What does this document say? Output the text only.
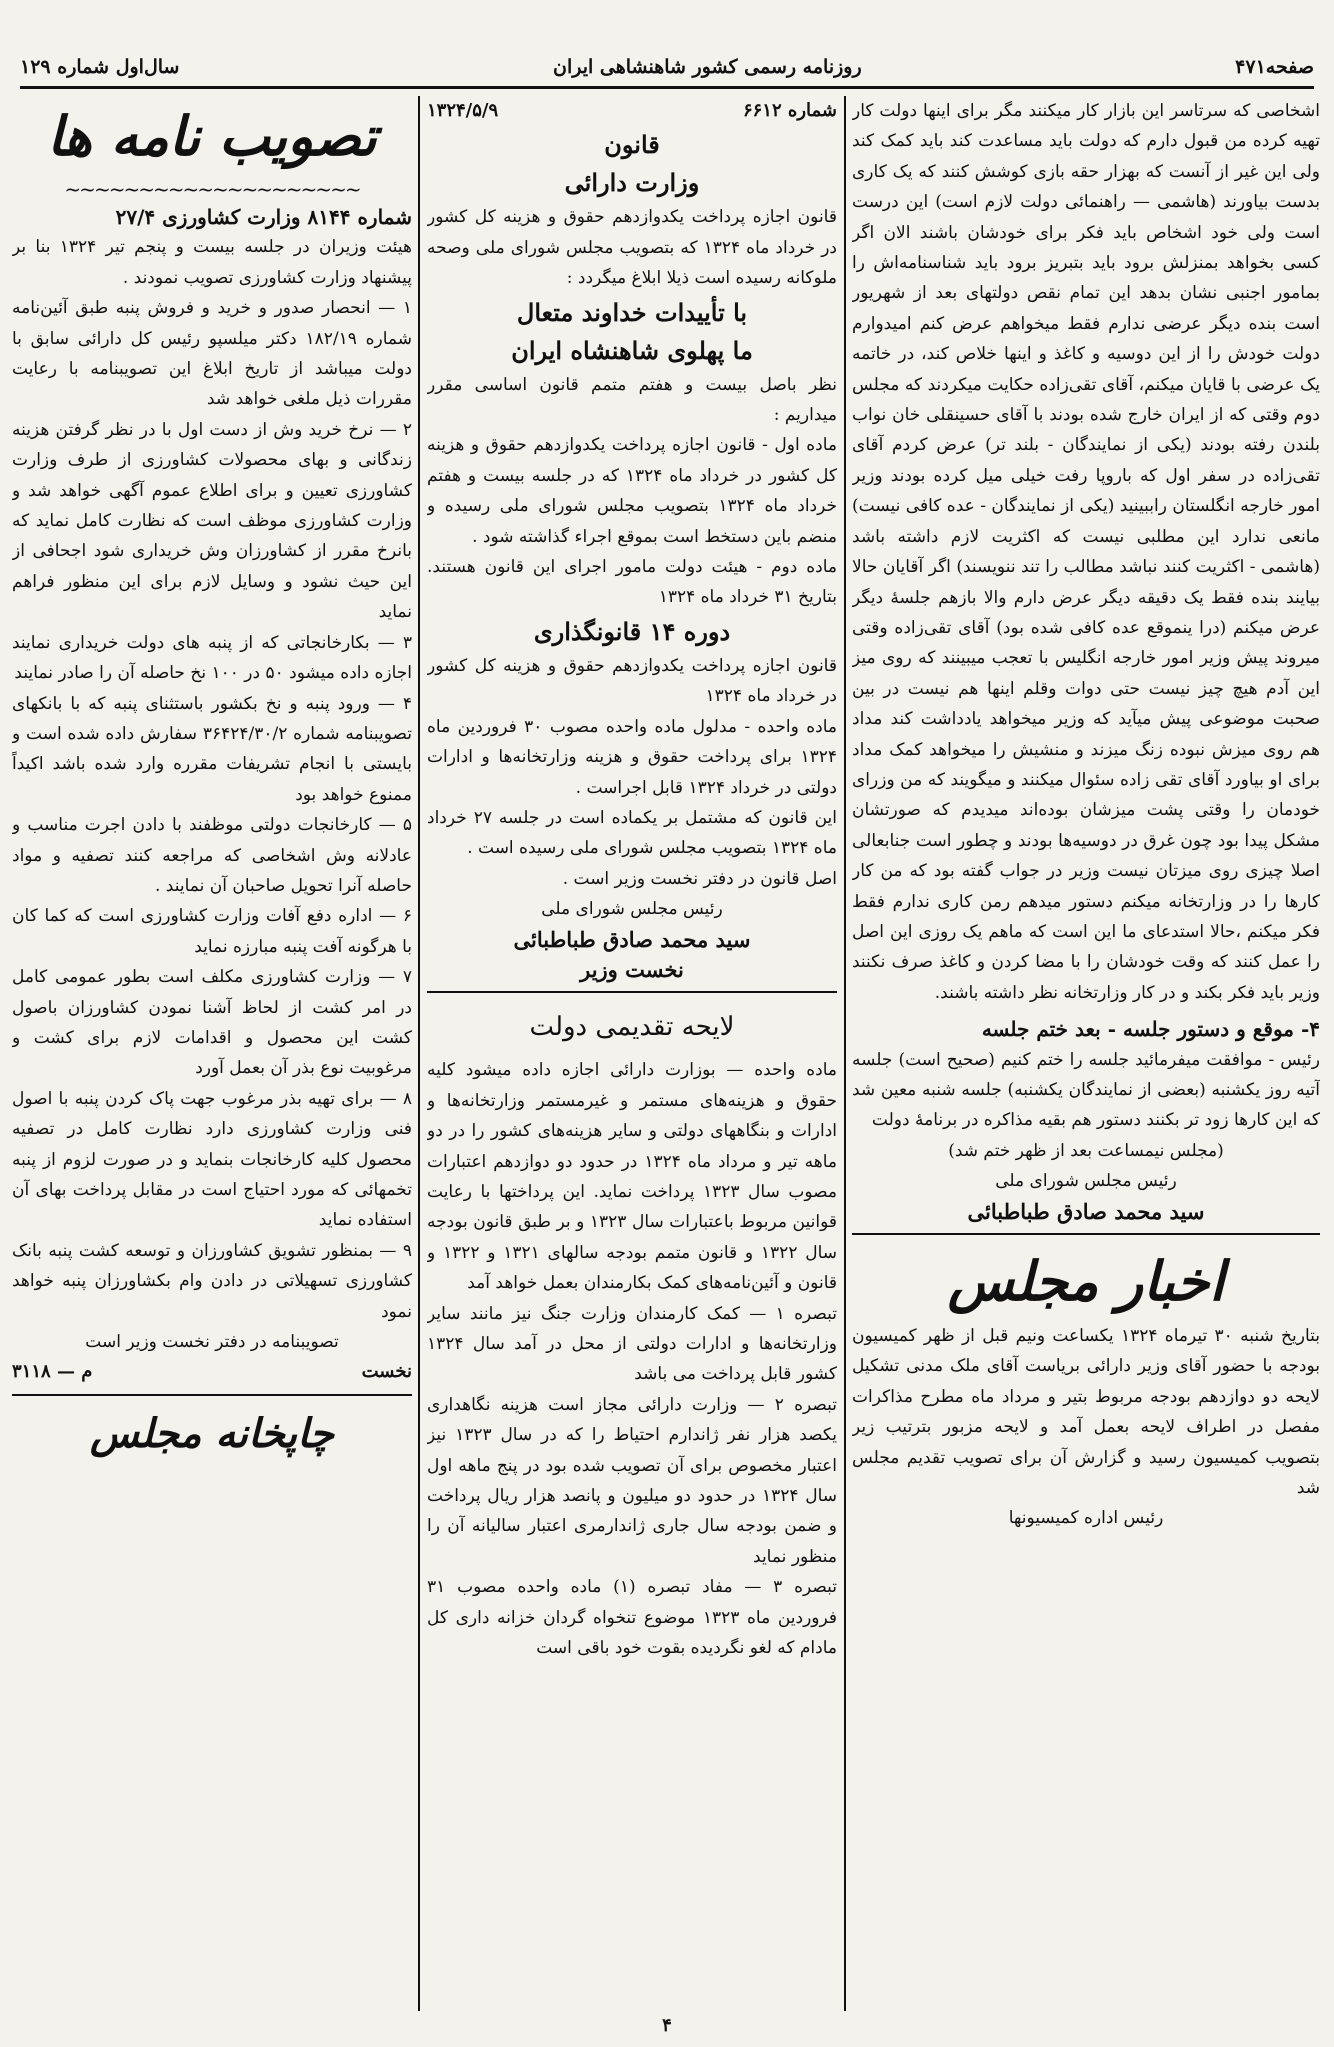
صفحه۴۷۱
روزنامه رسمی کشور شاهنشاهی ایران
سال‌اول شماره ۱۲۹

اشخاصی که سرتاسر این بازار کار میکنند مگر برای اینها دولت کار تهیه کرده من قبول دارم که دولت باید مساعدت کند باید کمک کند ولی این غیر از آنست که بهزار حقه بازی کوشش کنند که یک کاری بدست بیاورند (هاشمی — راهنمائی دولت لازم است) این درست است ولی خود اشخاص باید فکر برای خودشان باشند الان اگر کسی بخواهد بمنزلش برود باید بتبریز برود باید شناسنامه‌اش را بمامور اجنبی نشان بدهد این تمام نقص دولتهای بعد از شهریور است بنده دیگر عرضی ندارم فقط میخواهم عرض کنم امیدوارم دولت خودش را از این دوسیه و کاغذ و اینها خلاص کند، در خاتمه یک عرضی با قایان میکنم، آقای تقی‌زاده حکایت میکردند که مجلس دوم وقتی که از ایران خارج شده بودند با آقای حسینقلی خان نواب بلندن رفته بودند (یکی از نمایندگان - بلند تر) عرض کردم آقای تقی‌زاده در سفر اول که باروپا رفت خیلی میل کرده بودند وزیر امور خارجه انگلستان راببینید (یکی از نمایندگان - عده کافی نیست) مانعی ندارد این مطلبی نیست که اکثریت لازم داشته باشد (هاشمی - اکثریت کنند نباشد مطالب را تند ننویسند) اگر آقایان حالا بیایند بنده فقط یک دقیقه دیگر عرض دارم والا بازهم جلسهٔ دیگر عرض میکنم (درا ینموقع عده کافی شده بود) آقای تقی‌زاده وقتی میروند پیش وزیر امور خارجه انگلیس با تعجب میبینند که روی میز این آدم هیچ چیز نیست حتی دوات وقلم اینها هم نیست در بین صحبت موضوعی پیش میآید که وزیر میخواهد یادداشت کند مداد هم روی میزش نبوده زنگ میزند و منشیش را میخواهد کمک مداد برای او بیاورد آقای تقی زاده سئوال میکنند و میگویند که من وزرای خودمان را وقتی پشت میزشان بوده‌اند میدیدم که صورتشان مشکل پیدا بود چون غرق در دوسیه‌ها بودند و چطور است جنابعالی اصلا چیزی روی میزتان نیست وزیر در جواب گفته بود که من کار کارها را در وزارتخانه میکنم دستور میدهم رمن کاری ندارم فقط فکر میکنم ،حالا استدعای ما این است که ماهم یک روزی این اصل را عمل کنند که وقت خودشان را با مضا کردن و کاغذ صرف نکنند وزیر باید فکر بکند و در کار وزارتخانه نظر داشته باشند.

۴- موقع و دستور جلسه - بعد ختم جلسه

رئیس - موافقت میفرمائید جلسه را ختم کنیم (صحیح است) جلسه آتیه روز یکشنبه (بعضی از نمایندگان یکشنبه) جلسه شنبه معین شد که این کارها زود تر بکنند دستور هم بقیه مذاکره در برنامهٔ دولت

(مجلس نیمساعت بعد از ظهر ختم شد)

رئیس مجلس شورای ملی

سید محمد صادق طباطبائی

اخبار مجلس

بتاریخ شنبه ۳۰ تیرماه ۱۳۲۴ یکساعت ونیم قبل از ظهر کمیسیون بودجه با حضور آقای وزیر دارائی بریاست آقای ملک مدنی تشکیل لایحه دو دوازدهم بودجه مربوط بتیر و مرداد ماه مطرح مذاکرات مفصل در اطراف لایحه بعمل آمد و لایحه مزبور بترتیب زیر بتصویب کمیسیون رسید و گزارش آن برای تصویب تقدیم مجلس شد

رئیس اداره کمیسیونها

شماره ۶۶۱۲
۱۳۲۴/۵/۹
قانون
وزارت دارائی

قانون اجازه پرداخت یکدوازدهم حقوق و هزینه کل کشور در خرداد ماه ۱۳۲۴ که بتصویب مجلس شورای ملی وصحه ملوکانه رسیده است ذیلا ابلاغ میگردد :

با تأییدات خداوند متعال
ما پهلوی شاهنشاه ایران

نظر باصل بیست و هفتم متمم قانون اساسی مقرر میداریم :

ماده اول - قانون اجازه پرداخت یکدوازدهم حقوق و هزینه کل کشور در خرداد ماه ۱۳۲۴ که در جلسه بیست و هفتم خرداد ماه ۱۳۲۴ بتصویب مجلس شورای ملی رسیده و منضم باین دستخط است بموقع اجراء گذاشته شود .

ماده دوم - هیئت دولت مامور اجرای این قانون هستند. بتاریخ ۳۱ خرداد ماه ۱۳۲۴

دوره ۱۴ قانونگذاری

قانون اجازه پرداخت یکدوازدهم حقوق و هزینه کل کشور در خرداد ماه ۱۳۲۴

ماده واحده - مدلول ماده واحده مصوب ۳۰ فروردین ماه ۱۳۲۴ برای پرداخت حقوق و هزینه وزارتخانه‌ها و ادارات دولتی در خرداد ۱۳۲۴ قابل اجراست .

این قانون که مشتمل بر یکماده است در جلسه ۲۷ خرداد ماه ۱۳۲۴ بتصویب مجلس شورای ملی رسیده است .

اصل قانون در دفتر نخست وزیر است .

رئیس مجلس شورای ملی

سید محمد صادق طباطبائی

نخست وزیر

لایحه تقدیمی دولت

ماده واحده — بوزارت دارائی اجازه داده میشود کلیه حقوق و هزینه‌های مستمر و غیرمستمر وزارتخانه‌ها و ادارات و بنگاههای دولتی و سایر هزینه‌های کشور را در دو ماهه تیر و مرداد ماه ۱۳۲۴ در حدود دو دوازدهم اعتبارات مصوب سال ۱۳۲۳ پرداخت نماید. این پرداختها با رعایت قوانین مربوط باعتبارات سال ۱۳۲۳ و بر طبق قانون بودجه سال ۱۳۲۲ و قانون متمم بودجه سالهای ۱۳۲۱ و ۱۳۲۲ و قانون و آئین‌نامه‌های کمک بکارمندان بعمل خواهد آمد

تبصره ۱ — کمک کارمندان وزارت جنگ نیز مانند سایر وزارتخانه‌ها و ادارات دولتی از محل در آمد سال ۱۳۲۴ کشور قابل پرداخت می باشد

تبصره ۲ — وزارت دارائی مجاز است هزینه نگاهداری یکصد هزار نفر ژاندارم احتیاط را که در سال ۱۳۲۳ نیز اعتبار مخصوص برای آن تصویب شده بود در پنج ماهه اول سال ۱۳۲۴ در حدود دو میلیون و پانصد هزار ریال پرداخت و ضمن بودجه سال جاری ژاندارمری اعتبار سالیانه آن را منظور نماید

تبصره ۳ — مفاد تبصره (۱) ماده واحده مصوب ۳۱ فروردین ماه ۱۳۲۳ موضوع تنخواه گردان خزانه داری کل مادام که لغو نگردیده بقوت خود باقی است

تصویب نامه ها
~~~~~~~~~~~~~~~~~~~~

شماره ۸۱۴۴ وزارت کشاورزی ۲۷/۴

هیئت وزیران در جلسه بیست و پنجم تیر ۱۳۲۴ بنا بر پیشنهاد وزارت کشاورزی تصویب نمودند .

۱ — انحصار صدور و خرید و فروش پنبه طبق آئین‌نامه شماره ۱۸۲/۱۹ دکتر میلسپو رئیس کل دارائی سابق با دولت میباشد از تاریخ ابلاغ این تصویبنامه با رعایت مقررات ذیل ملغی خواهد شد

۲ — نرخ خرید وش از دست اول با در نظر گرفتن هزینه زندگانی و بهای محصولات کشاورزی از طرف وزارت کشاورزی تعیین و برای اطلاع عموم آگهی خواهد شد و وزارت کشاورزی موظف است که نظارت کامل نماید که بانرخ مقرر از کشاورزان وش خریداری شود اجحافی از این حیث نشود و وسایل لازم برای این منظور فراهم نماید

۳ — بکارخانجاتی که از پنبه های دولت خریداری نمایند اجازه داده میشود ۵۰ در ۱۰۰ نخ حاصله آن را صادر نمایند

۴ — ورود پنبه و نخ بکشور باستثنای پنبه که با بانکهای تصویبنامه شماره ۳۶۴۲۴/۳۰/۲ سفارش داده شده است و بایستی با انجام تشریفات مقرره وارد شده باشد اکیداً ممنوع خواهد بود

۵ — کارخانجات دولتی موظفند با دادن اجرت مناسب و عادلانه وش اشخاصی که مراجعه کنند تصفیه و مواد حاصله آنرا تحویل صاحبان آن نمایند .

۶ — اداره دفع آفات وزارت کشاورزی است که کما کان با هرگونه آفت پنبه مبارزه نماید

۷ — وزارت کشاورزی مکلف است بطور عمومی کامل در امر کشت از لحاظ آشنا نمودن کشاورزان باصول کشت این محصول و اقدامات لازم برای کشت و مرغوبیت نوع بذر آن بعمل آورد

۸ — برای تهیه بذر مرغوب جهت پاک کردن پنبه با اصول فنی وزارت کشاورزی دارد نظارت کامل در تصفیه محصول کلیه کارخانجات بنماید و در صورت لزوم از پنبه تخمهائی که مورد احتیاج است در مقابل پرداخت بهای آن استفاده نماید

۹ — بمنظور تشویق کشاورزان و توسعه کشت پنبه بانک کشاورزی تسهیلاتی در دادن وام بکشاورزان پنبه خواهد نمود

تصویبنامه در دفتر نخست وزیر است

نخست
م — ۳۱۱۸
چاپخانه مجلس
۴
